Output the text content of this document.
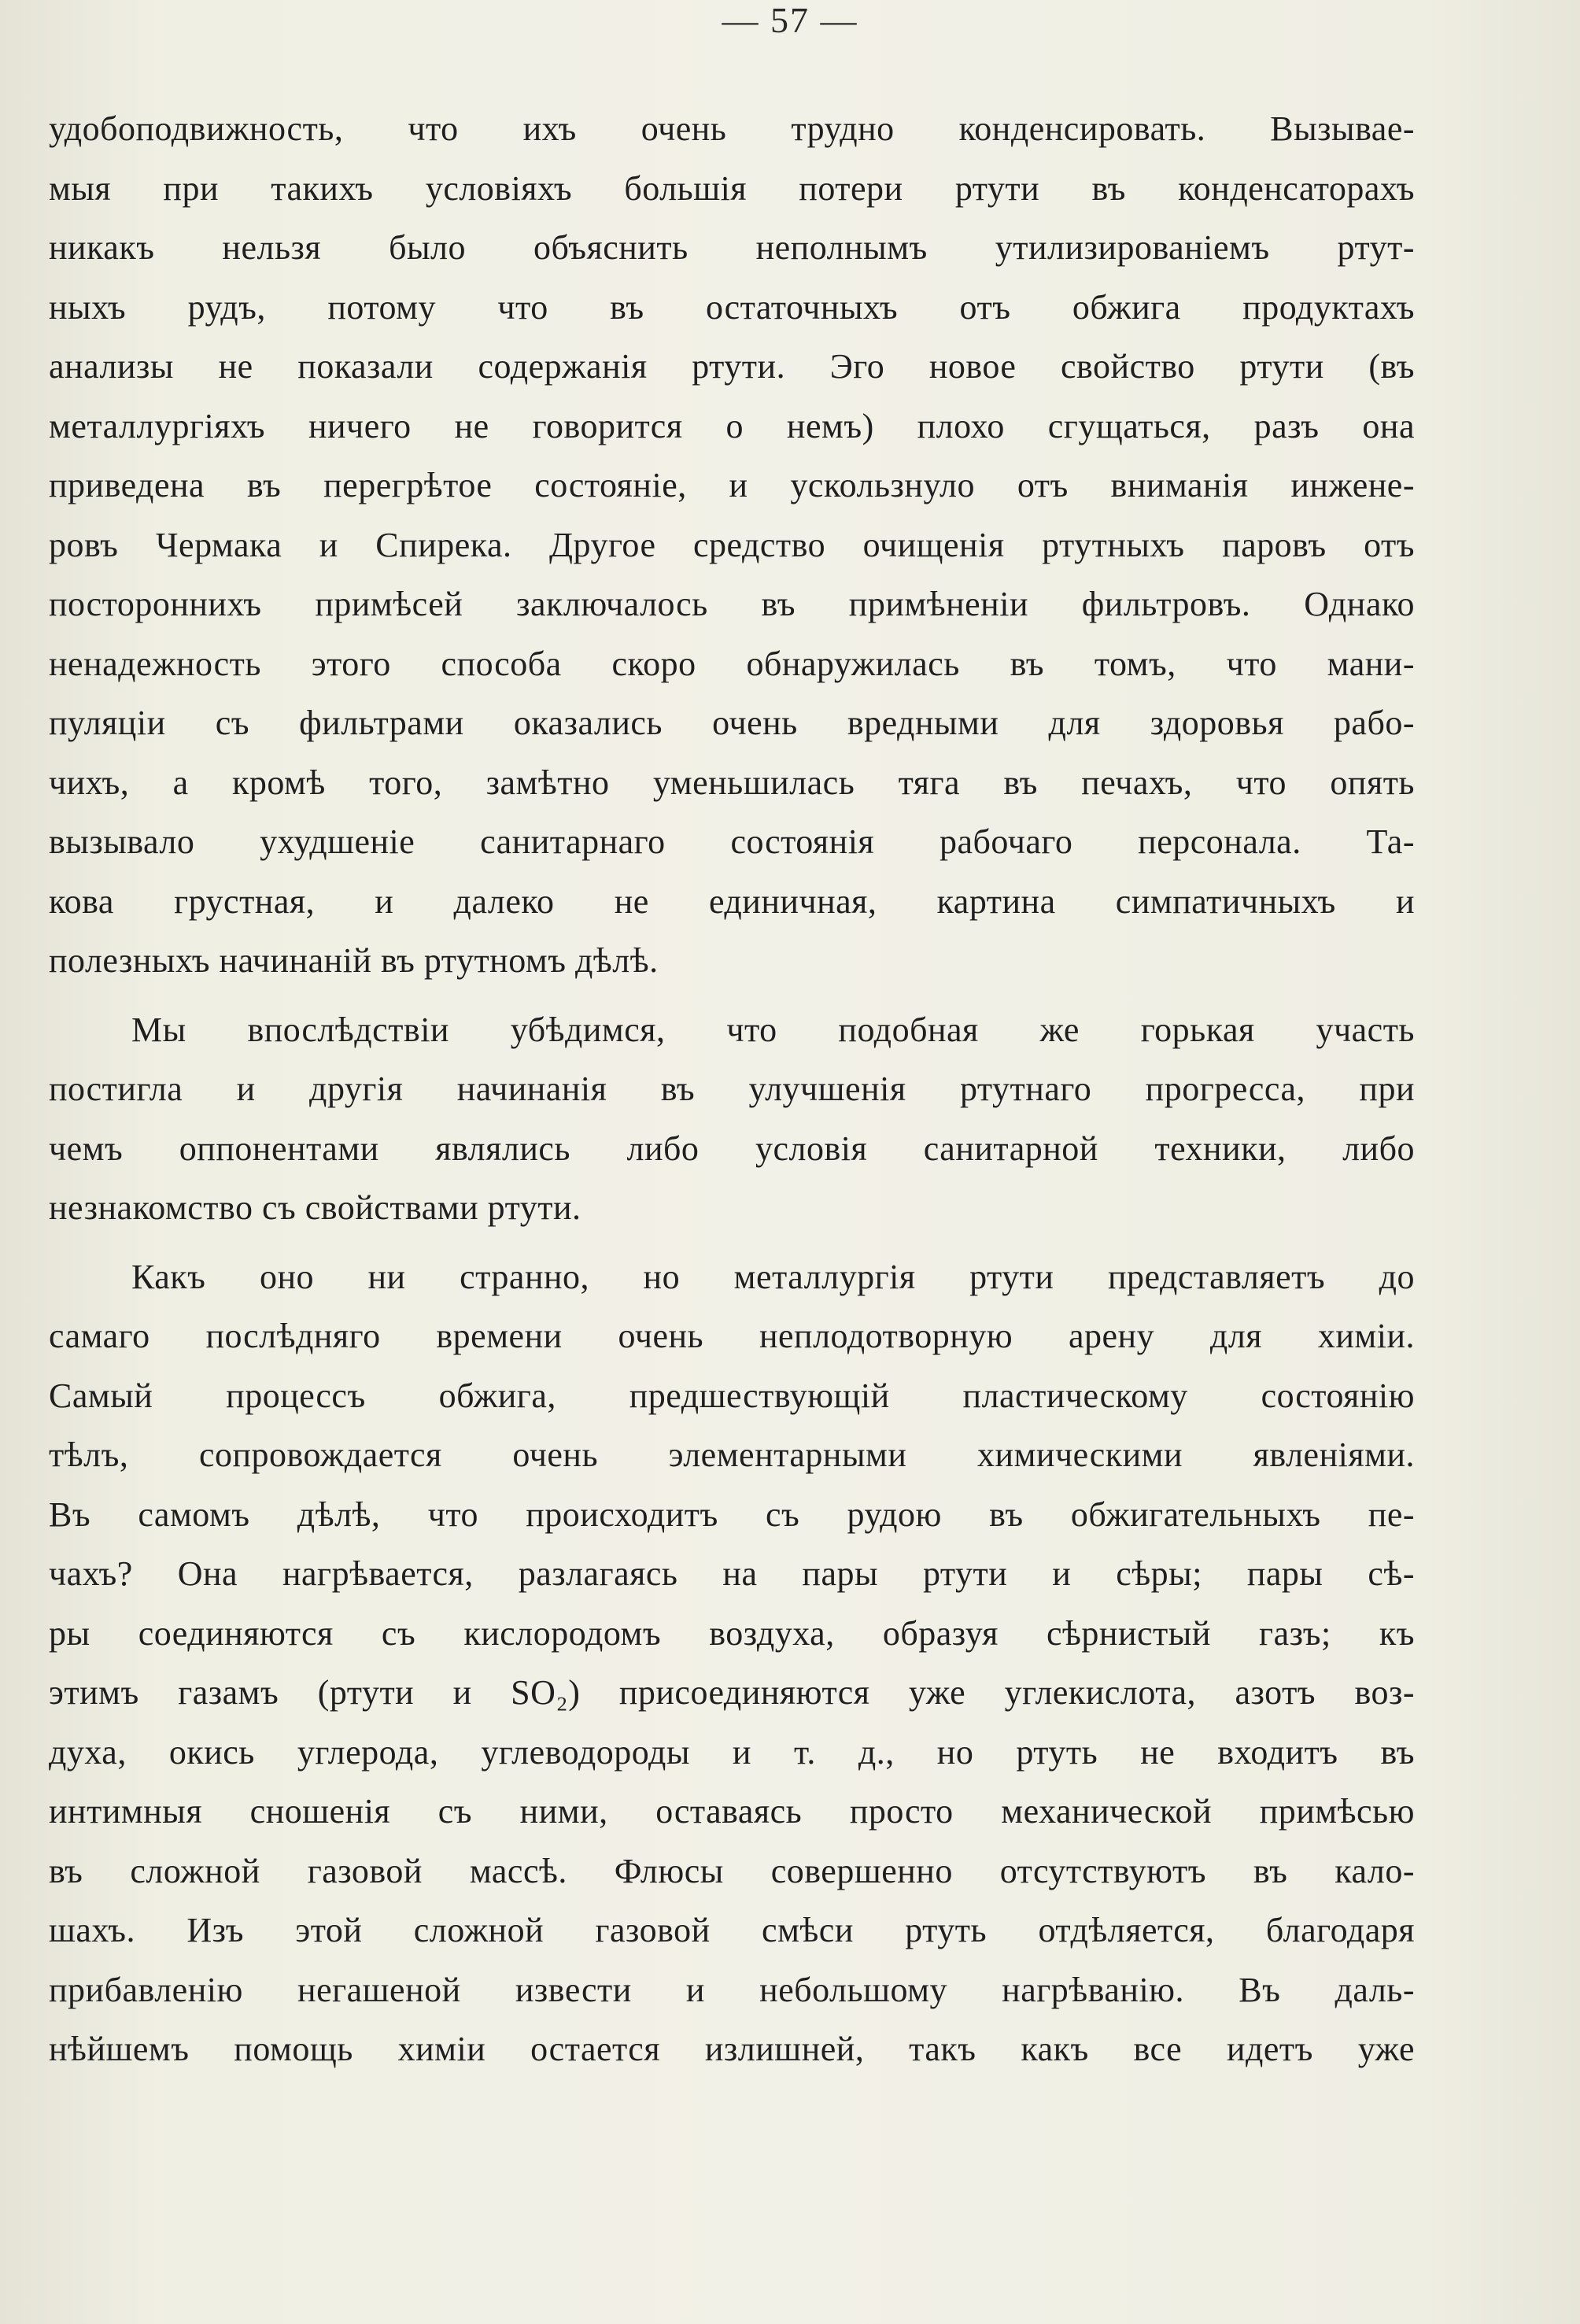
— 57 —
удобоподвижность, что ихъ очень трудно конденсировать. Вызывае-
мыя при такихъ условіяхъ большія потери ртути въ конденсаторахъ
никакъ нельзя было объяснить неполнымъ утилизированіемъ ртут-
ныхъ рудъ, потому что въ остаточныхъ отъ обжига продуктахъ
анализы не показали содержанія ртути. Эго новое свойство ртути (въ
металлургіяхъ ничего не говорится о немъ) плохо сгущаться, разъ она
приведена въ перегрѣтое состояніе, и ускользнуло отъ вниманія инжене-
ровъ Чермака и Спирека. Другое средство очищенія ртутныхъ паровъ отъ
постороннихъ примѣсей заключалось въ примѣненіи фильтровъ. Однако
ненадежность этого способа скоро обнаружилась въ томъ, что мани-
пуляціи съ фильтрами оказались очень вредными для здоровья рабо-
чихъ, а кромѣ того, замѣтно уменьшилась тяга въ печахъ, что опять
вызывало ухудшеніе санитарнаго состоянія рабочаго персонала. Та-
кова грустная, и далеко не единичная, картина симпатичныхъ и
полезныхъ начинаній въ ртутномъ дѣлѣ.
Мы впослѣдствіи убѣдимся, что подобная же горькая участь
постигла и другія начинанія въ улучшенія ртутнаго прогресса, при
чемъ оппонентами являлись либо условія санитарной техники, либо
незнакомство съ свойствами ртути.
Какъ оно ни странно, но металлургія ртути представляетъ до
самаго послѣдняго времени очень неплодотворную арену для химіи.
Самый процессъ обжига, предшествующій пластическому состоянію
тѣлъ, сопровождается очень элементарными химическими явленіями.
Въ самомъ дѣлѣ, что происходитъ съ рудою въ обжигательныхъ пе-
чахъ? Она нагрѣвается, разлагаясь на пары ртути и сѣры; пары сѣ-
ры соединяются съ кислородомъ воздуха, образуя сѣрнистый газъ; къ
этимъ газамъ (ртути и SO₂) присоединяются уже углекислота, азотъ воз-
духа, окись углерода, углеводороды и т. д., но ртуть не входитъ въ
интимныя сношенія съ ними, оставаясь просто механической примѣсью
въ сложной газовой массѣ. Флюсы совершенно отсутствуютъ въ кало-
шахъ. Изъ этой сложной газовой смѣси ртуть отдѣляется, благодаря
прибавленію негашеной извести и небольшому нагрѣванію. Въ даль-
нѣйшемъ помощь химіи остается излишней, такъ какъ все идетъ уже
